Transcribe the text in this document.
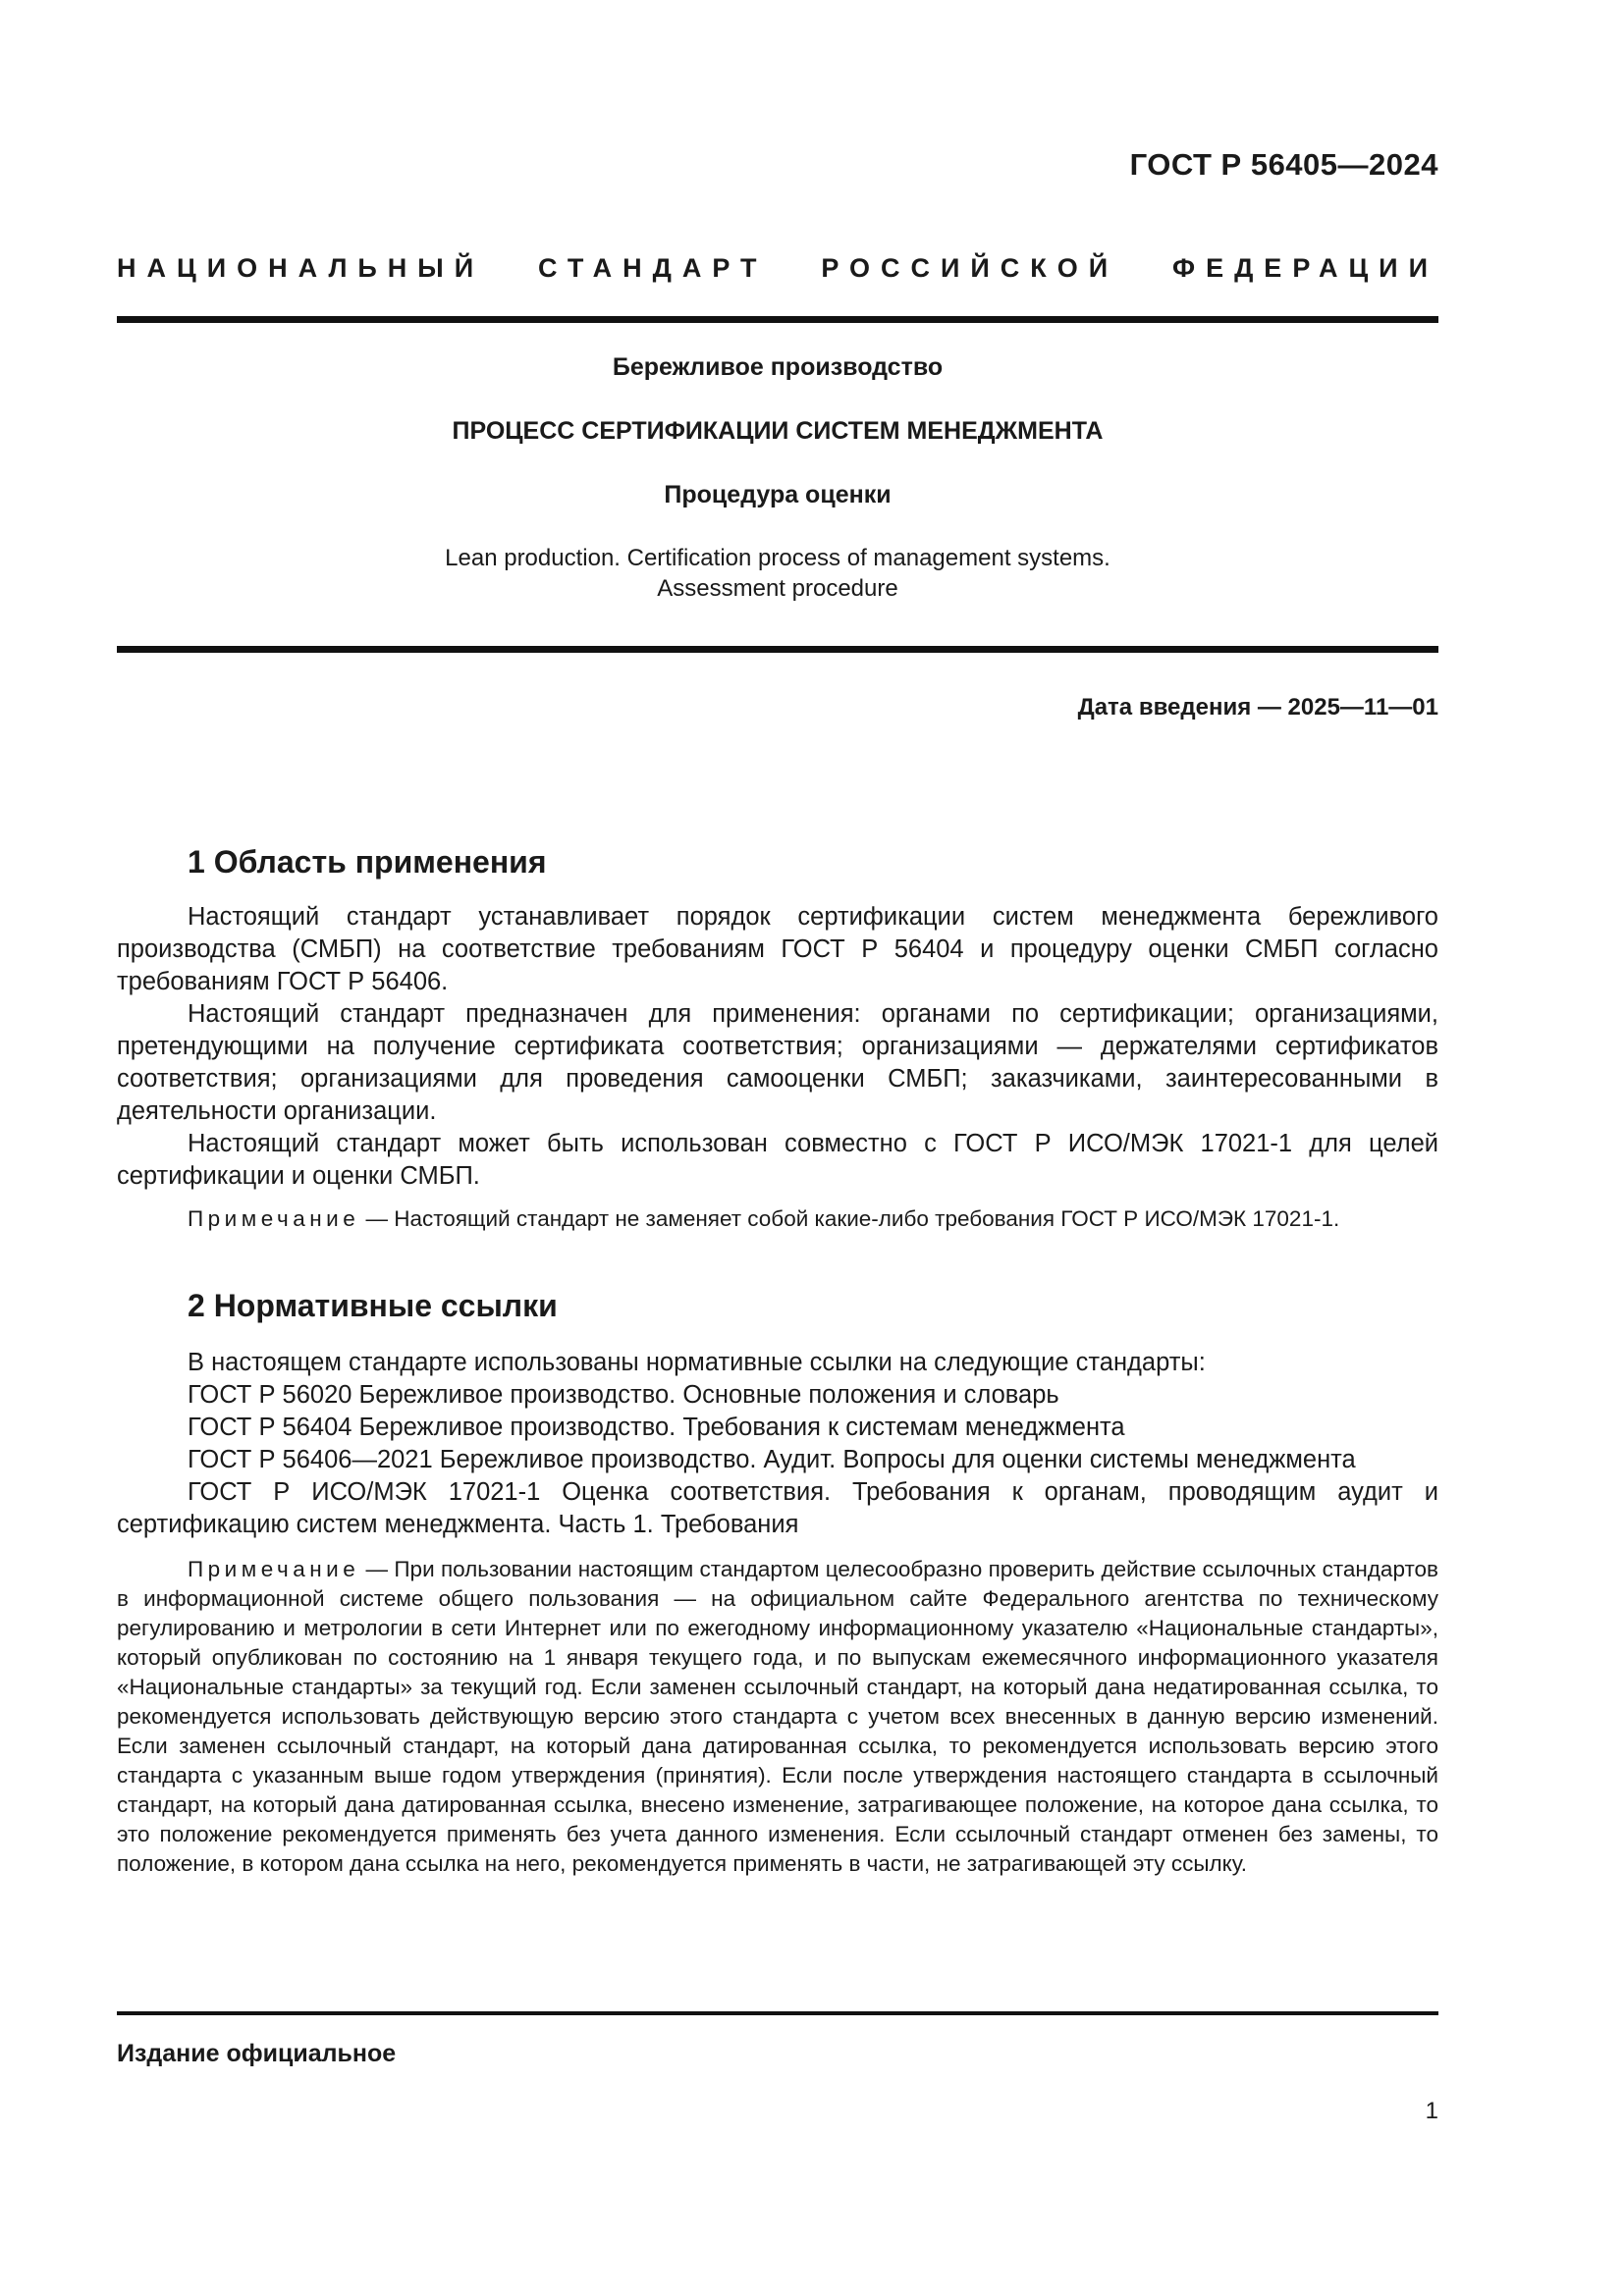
ГОСТ Р 56405—2024
НАЦИОНАЛЬНЫЙ СТАНДАРТ РОССИЙСКОЙ ФЕДЕРАЦИИ

Бережливое производство

ПРОЦЕСС СЕРТИФИКАЦИИ СИСТЕМ МЕНЕДЖМЕНТА

Процедура оценки

Lean production. Certification process of management systems.
Assessment procedure

Дата введения — 2025—11—01
1 Область применения

Настоящий стандарт устанавливает порядок сертификации систем менеджмента бережливого производства (СМБП) на соответствие требованиям ГОСТ Р 56404 и процедуру оценки СМБП согласно требованиям ГОСТ Р 56406.

Настоящий стандарт предназначен для применения: органами по сертификации; организациями, претендующими на получение сертификата соответствия; организациями — держателями сертификатов соответствия; организациями для проведения самооценки СМБП; заказчиками, заинтересованными в деятельности организации.

Настоящий стандарт может быть использован совместно с ГОСТ Р ИСО/МЭК 17021-1 для целей сертификации и оценки СМБП.

Примечание — Настоящий стандарт не заменяет собой какие-либо требования ГОСТ Р ИСО/МЭК 17021-1.

2 Нормативные ссылки

В настоящем стандарте использованы нормативные ссылки на следующие стандарты:

ГОСТ Р 56020 Бережливое производство. Основные положения и словарь

ГОСТ Р 56404 Бережливое производство. Требования к системам менеджмента

ГОСТ Р 56406—2021 Бережливое производство. Аудит. Вопросы для оценки системы менеджмента

ГОСТ Р ИСО/МЭК 17021-1 Оценка соответствия. Требования к органам, проводящим аудит и сертификацию систем менеджмента. Часть 1. Требования

Примечание — При пользовании настоящим стандартом целесообразно проверить действие ссылочных стандартов в информационной системе общего пользования — на официальном сайте Федерального агентства по техническому регулированию и метрологии в сети Интернет или по ежегодному информационному указателю «Национальные стандарты», который опубликован по состоянию на 1 января текущего года, и по выпускам ежемесячного информационного указателя «Национальные стандарты» за текущий год. Если заменен ссылочный стандарт, на который дана недатированная ссылка, то рекомендуется использовать действующую версию этого стандарта с учетом всех внесенных в данную версию изменений. Если заменен ссылочный стандарт, на который дана датированная ссылка, то рекомендуется использовать версию этого стандарта с указанным выше годом утверждения (принятия). Если после утверждения настоящего стандарта в ссылочный стандарт, на который дана датированная ссылка, внесено изменение, затрагивающее положение, на которое дана ссылка, то это положение рекомендуется применять без учета данного изменения. Если ссылочный стандарт отменен без замены, то положение, в котором дана ссылка на него, рекомендуется применять в части, не затрагивающей эту ссылку.

Издание официальное
1
